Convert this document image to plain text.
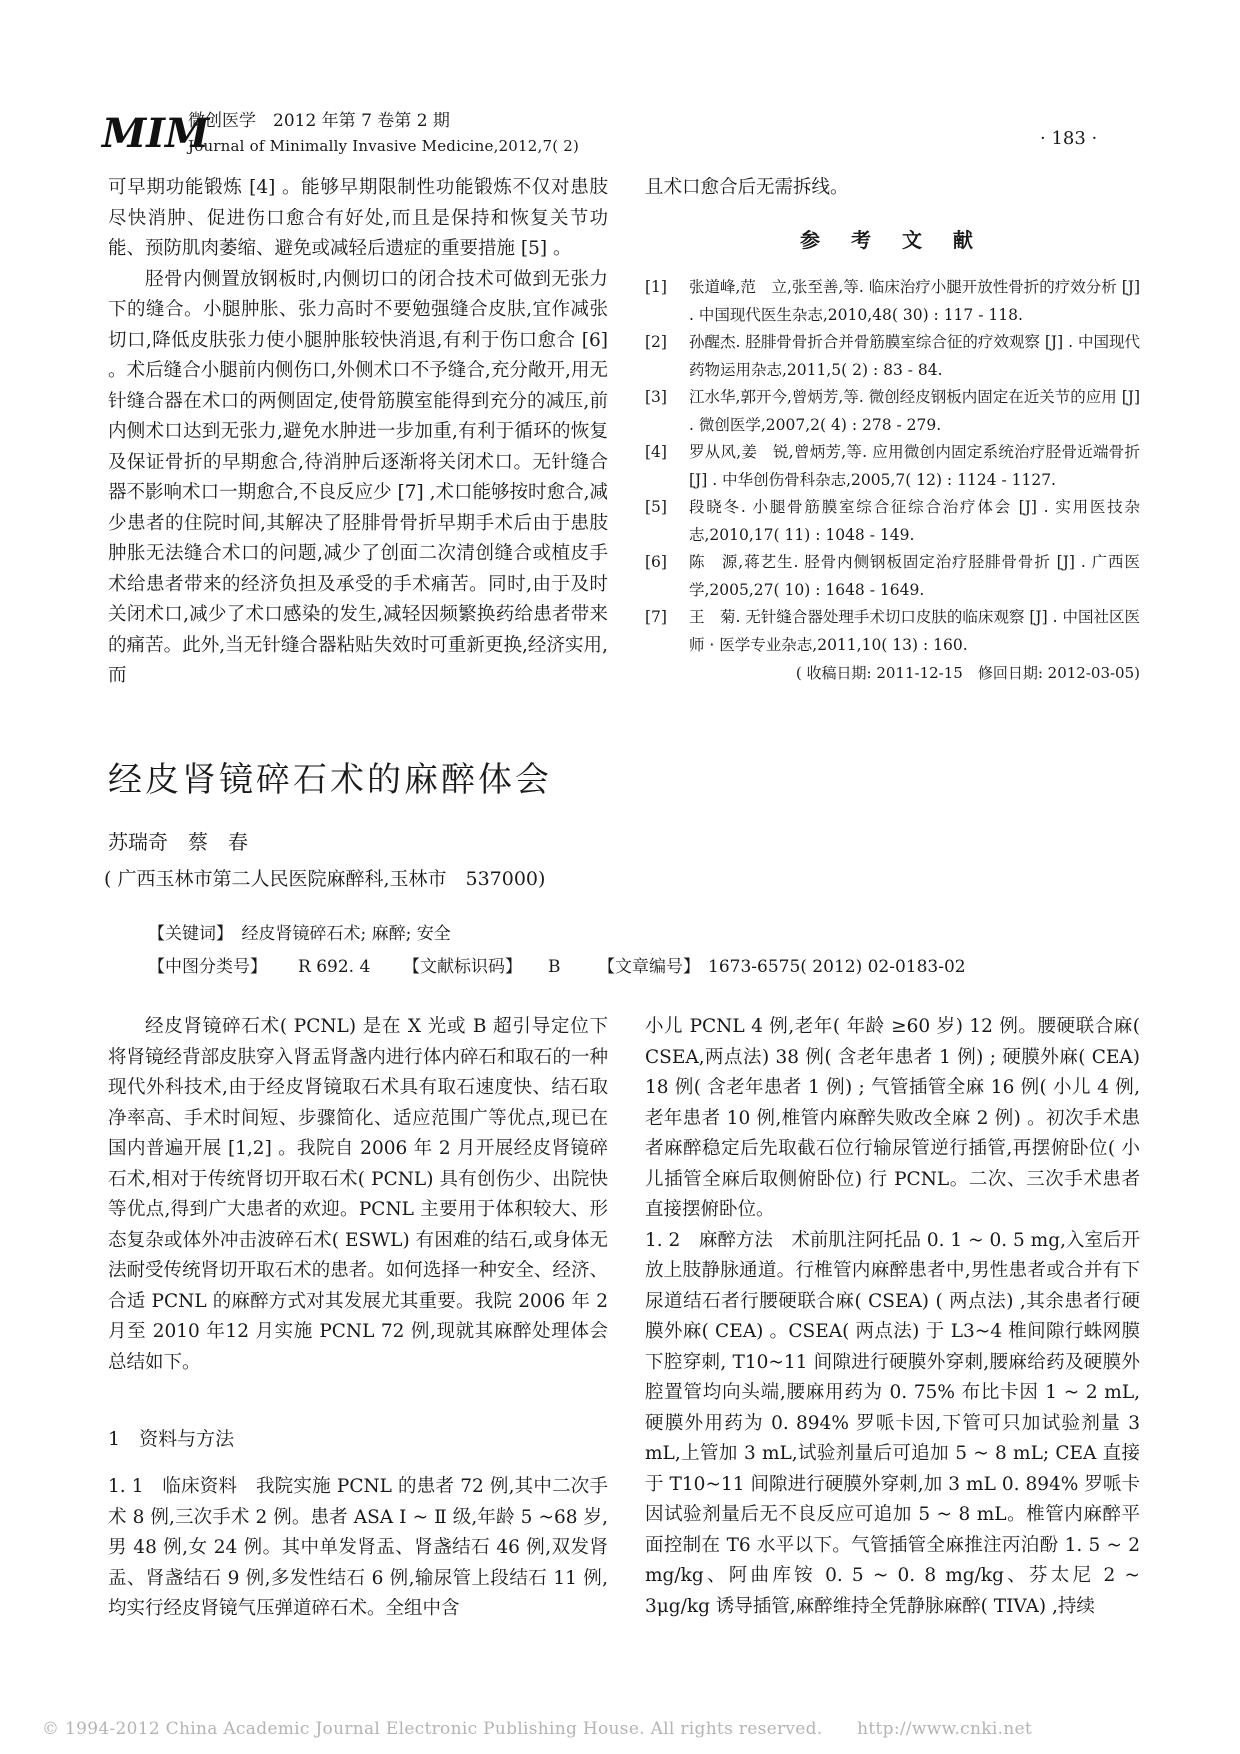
MIM
微创医学　2012 年第 7 卷第 2 期
Journal of Minimally Invasive Medicine,2012,7( 2)	· 183 ·

可早期功能锻炼 [4] 。能够早期限制性功能锻炼不仅对患肢尽快消肿、促进伤口愈合有好处,而且是保持和恢复关节功能、预防肌肉萎缩、避免或减轻后遗症的重要措施 [5] 。

胫骨内侧置放钢板时,内侧切口的闭合技术可做到无张力下的缝合。小腿肿胀、张力高时不要勉强缝合皮肤,宜作减张切口,降低皮肤张力使小腿肿胀较快消退,有利于伤口愈合 [6] 。术后缝合小腿前内侧伤口,外侧术口不予缝合,充分敞开,用无针缝合器在术口的两侧固定,使骨筋膜室能得到充分的减压,前内侧术口达到无张力,避免水肿进一步加重,有利于循环的恢复及保证骨折的早期愈合,待消肿后逐渐将关闭术口。无针缝合器不影响术口一期愈合,不良反应少 [7] ,术口能够按时愈合,减少患者的住院时间,其解决了胫腓骨骨折早期手术后由于患肢肿胀无法缝合术口的问题,减少了创面二次清创缝合或植皮手术给患者带来的经济负担及承受的手术痛苦。同时,由于及时关闭术口,减少了术口感染的发生,减轻因频繁换药给患者带来的痛苦。此外,当无针缝合器粘贴失效时可重新更换,经济实用,而

且术口愈合后无需拆线。

参 考 文 献
[1] 张道峰,范　立,张至善,等. 临床治疗小腿开放性骨折的疗效分析 [J] . 中国现代医生杂志,2010,48( 30) : 117 - 118.
[2] 孙醒杰. 胫腓骨骨折合并骨筋膜室综合征的疗效观察 [J] . 中国现代药物运用杂志,2011,5( 2) : 83 - 84.
[3] 江水华,郭开今,曾炳芳,等. 微创经皮钢板内固定在近关节的应用 [J] . 微创医学,2007,2( 4) : 278 - 279.
[4] 罗从风,姜　锐,曾炳芳,等. 应用微创内固定系统治疗胫骨近端骨折 [J] . 中华创伤骨科杂志,2005,7( 12) : 1124 - 1127.
[5] 段晓冬. 小腿骨筋膜室综合征综合治疗体会 [J] . 实用医技杂志,2010,17( 11) : 1048 - 149.
[6] 陈　源,蒋艺生. 胫骨内侧钢板固定治疗胫腓骨骨折 [J] . 广西医学,2005,27( 10) : 1648 - 1649.
[7] 王　菊. 无针缝合器处理手术切口皮肤的临床观察 [J] . 中国社区医师 · 医学专业杂志,2011,10( 13) : 160.
( 收稿日期: 2011-12-15　修回日期: 2012-03-05)
经皮肾镜碎石术的麻醉体会
苏瑞奇　蔡　春
( 广西玉林市第二人民医院麻醉科,玉林市　537000)
【关键词】　经皮肾镜碎石术; 麻醉; 安全
【中图分类号】 R 692. 4 【文献标识码】 B 【文章编号】 1673-6575( 2012) 02-0183-02

经皮肾镜碎石术( PCNL) 是在 X 光或 B 超引导定位下将肾镜经背部皮肤穿入肾盂肾盏内进行体内碎石和取石的一种现代外科技术,由于经皮肾镜取石术具有取石速度快、结石取净率高、手术时间短、步骤简化、适应范围广等优点,现已在国内普遍开展 [1,2] 。我院自 2006 年 2 月开展经皮肾镜碎石术,相对于传统肾切开取石术( PCNL) 具有创伤少、出院快等优点,得到广大患者的欢迎。PCNL 主要用于体积较大、形态复杂或体外冲击波碎石术( ESWL) 有困难的结石,或身体无法耐受传统肾切开取石术的患者。如何选择一种安全、经济、合适 PCNL 的麻醉方式对其发展尤其重要。我院 2006 年 2 月至 2010 年12 月实施 PCNL 72 例,现就其麻醉处理体会总结如下。

1　资料与方法

1. 1　临床资料　我院实施 PCNL 的患者 72 例,其中二次手术 8 例,三次手术 2 例。患者 ASA Ⅰ ~ Ⅱ 级,年龄 5 ~68 岁,男 48 例,女 24 例。其中单发肾盂、肾盏结石 46 例,双发肾盂、肾盏结石 9 例,多发性结石 6 例,输尿管上段结石 11 例,均实行经皮肾镜气压弹道碎石术。全组中含

小儿 PCNL 4 例,老年( 年龄 ≥60 岁) 12 例。腰硬联合麻( CSEA,两点法) 38 例( 含老年患者 1 例) ; 硬膜外麻( CEA) 18 例( 含老年患者 1 例) ; 气管插管全麻 16 例( 小儿 4 例,老年患者 10 例,椎管内麻醉失败改全麻 2 例) 。初次手术患者麻醉稳定后先取截石位行输尿管逆行插管,再摆俯卧位( 小儿插管全麻后取侧俯卧位) 行 PCNL。二次、三次手术患者直接摆俯卧位。

1. 2　麻醉方法　术前肌注阿托品 0. 1 ~ 0. 5 mg,入室后开放上肢静脉通道。行椎管内麻醉患者中,男性患者或合并有下尿道结石者行腰硬联合麻( CSEA) ( 两点法) ,其余患者行硬膜外麻( CEA) 。CSEA( 两点法) 于 L3~4 椎间隙行蛛网膜下腔穿刺, T10~11 间隙进行硬膜外穿刺,腰麻给药及硬膜外腔置管均向头端,腰麻用药为 0. 75% 布比卡因 1 ~ 2 mL,硬膜外用药为 0. 894% 罗哌卡因,下管可只加试验剂量 3 mL,上管加 3 mL,试验剂量后可追加 5 ~ 8 mL; CEA 直接于 T10~11 间隙进行硬膜外穿刺,加 3 mL 0. 894% 罗哌卡因试验剂量后无不良反应可追加 5 ~ 8 mL。椎管内麻醉平面控制在 T6 水平以下。气管插管全麻推注丙泊酚 1. 5 ~ 2 mg/kg、阿曲库铵 0. 5 ~ 0. 8 mg/kg、芬太尼 2 ~ 3μg/kg 诱导插管,麻醉维持全凭静脉麻醉( TIVA) ,持续

© 1994-2012 China Academic Journal Electronic Publishing House. All rights reserved.　　http://www.cnki.net
